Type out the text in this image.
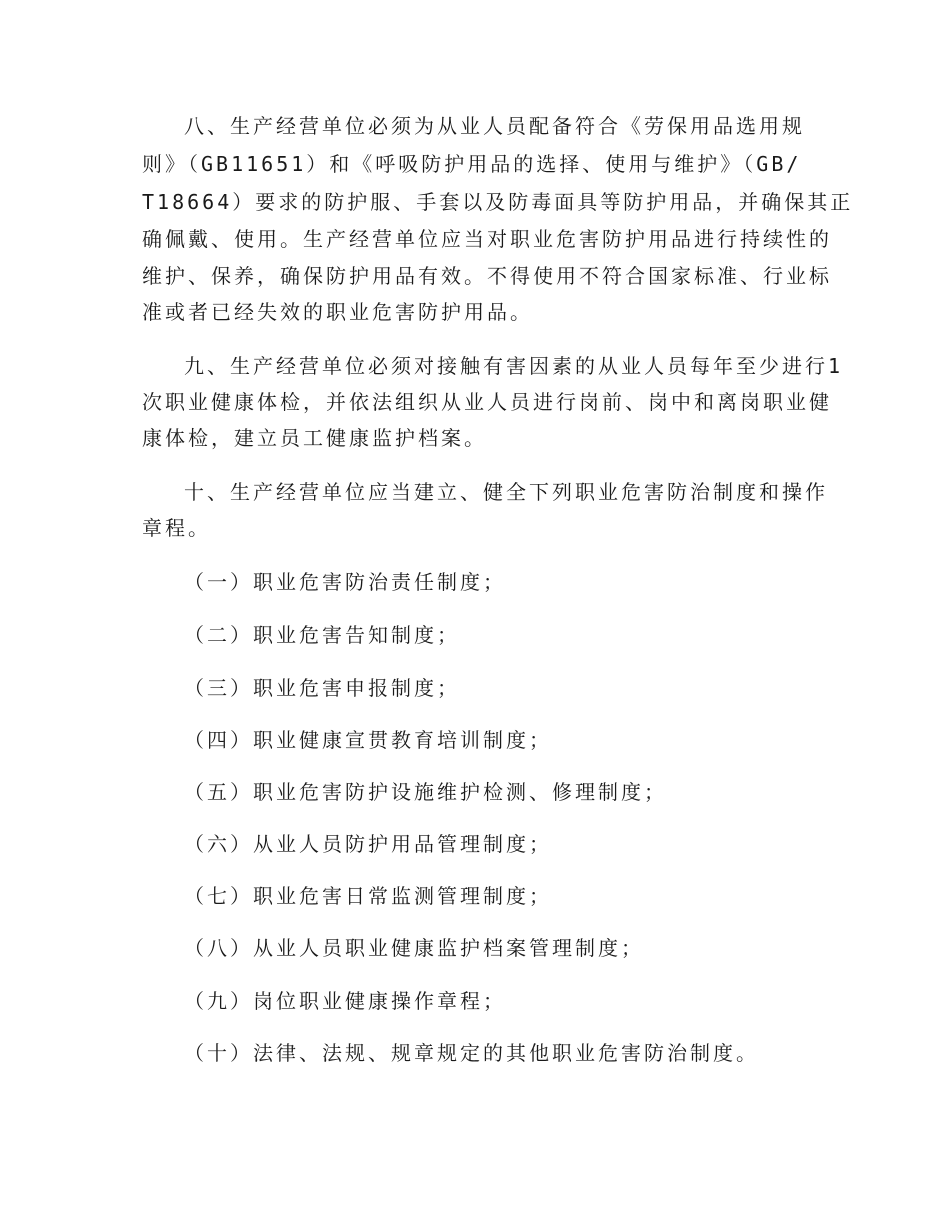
八、生产经营单位必须为从业人员配备符合《劳保用品选用规
则》（GB11651）和《呼吸防护用品的选择、使用与维护》（GB/
T18664）要求的防护服、手套以及防毒面具等防护用品，并确保其正
确佩戴、使用。生产经营单位应当对职业危害防护用品进行持续性的
维护、保养，确保防护用品有效。不得使用不符合国家标准、行业标
准或者已经失效的职业危害防护用品。
九、生产经营单位必须对接触有害因素的从业人员每年至少进行1
次职业健康体检，并依法组织从业人员进行岗前、岗中和离岗职业健
康体检，建立员工健康监护档案。
十、生产经营单位应当建立、健全下列职业危害防治制度和操作
章程。
（一）职业危害防治责任制度；
（二）职业危害告知制度；
（三）职业危害申报制度；
（四）职业健康宣贯教育培训制度；
（五）职业危害防护设施维护检测、修理制度；
（六）从业人员防护用品管理制度；
（七）职业危害日常监测管理制度；
（八）从业人员职业健康监护档案管理制度；
（九）岗位职业健康操作章程；
（十）法律、法规、规章规定的其他职业危害防治制度。
